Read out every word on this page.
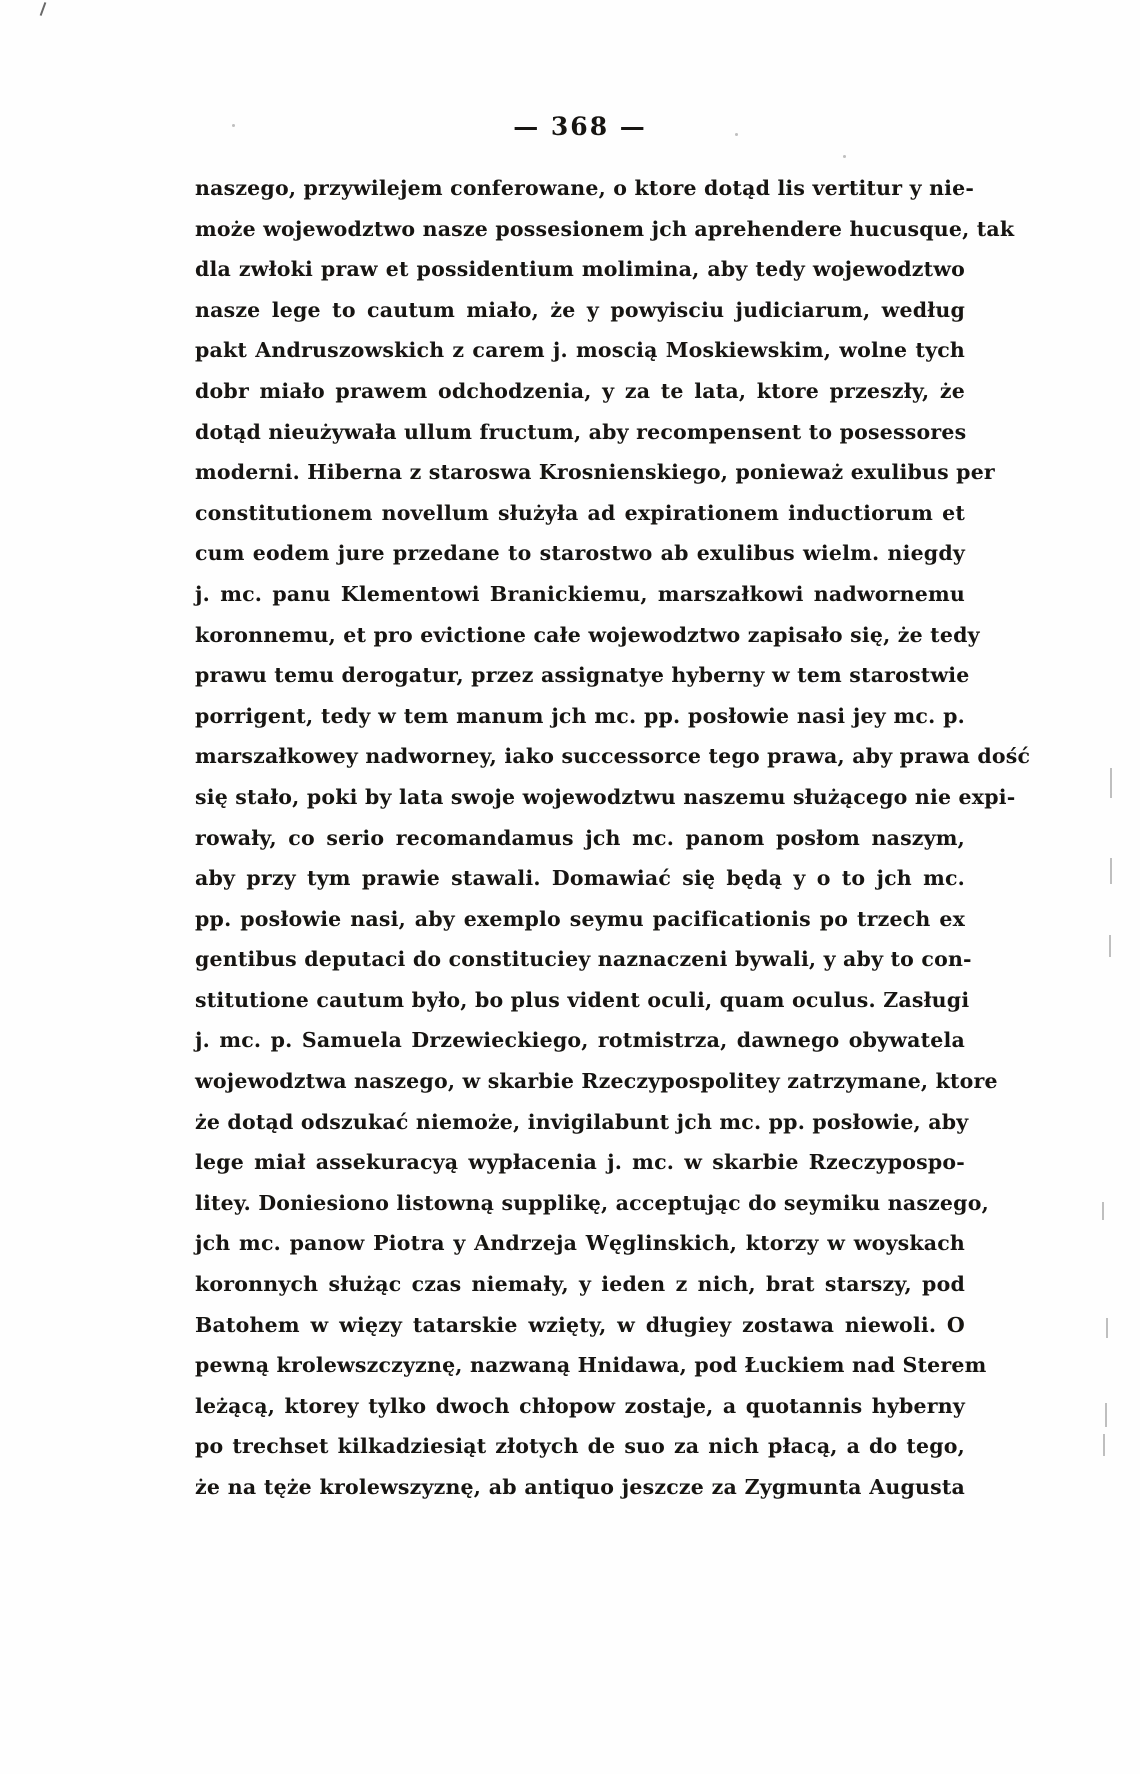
— 368 —
naszego, przywilejem conferowane, o ktore dotąd lis vertitur y nie-
może wojewodztwo nasze possesionem jch aprehendere hucusque, tak
dla zwłoki praw et possidentium molimina, aby tedy wojewodztwo
nasze lege to cautum miało, że y powyisciu judiciarum, według
pakt Andruszowskich z carem j. moscią Moskiewskim, wolne tych
dobr miało prawem odchodzenia, y za te lata, ktore przeszły, że
dotąd nieużywała ullum fructum, aby recompensent to posessores
moderni. Hiberna z staroswa Krosnienskiego, ponieważ exulibus per
constitutionem novellum służyła ad expirationem inductiorum et
cum eodem jure przedane to starostwo ab exulibus wielm. niegdy
j. mc. panu Klementowi Branickiemu, marszałkowi nadwornemu
koronnemu, et pro evictione całe wojewodztwo zapisało się, że tedy
prawu temu derogatur, przez assignatye hyberny w tem starostwie
porrigent, tedy w tem manum jch mc. pp. posłowie nasi jey mc. p.
marszałkowey nadworney, iako successorce tego prawa, aby prawa dość
się stało, poki by lata swoje wojewodztwu naszemu służącego nie expi-
rowały, co serio recomandamus jch mc. panom posłom naszym,
aby przy tym prawie stawali. Domawiać się będą y o to jch mc.
pp. posłowie nasi, aby exemplo seymu pacificationis po trzech ex
gentibus deputaci do constituciey naznaczeni bywali, y aby to con-
stitutione cautum było, bo plus vident oculi, quam oculus. Zasługi
j. mc. p. Samuela Drzewieckiego, rotmistrza, dawnego obywatela
wojewodztwa naszego, w skarbie Rzeczypospolitey zatrzymane, ktore
że dotąd odszukać niemoże, invigilabunt jch mc. pp. posłowie, aby
lege miał assekuracyą wypłacenia j. mc. w skarbie Rzeczypospo-
litey. Doniesiono listowną supplikę, acceptując do seymiku naszego,
jch mc. panow Piotra y Andrzeja Węglinskich, ktorzy w woyskach
koronnych służąc czas niemały, y ieden z nich, brat starszy, pod
Batohem w więzy tatarskie wzięty, w długiey zostawa niewoli. O
pewną krolewszczyznę, nazwaną Hnidawa, pod Łuckiem nad Sterem
leżącą, ktorey tylko dwoch chłopow zostaje, a quotannis hyberny
po trechset kilkadziesiąt złotych de suo za nich płacą, a do tego,
że na tęże krolewszyznę, ab antiquo jeszcze za Zygmunta Augusta
